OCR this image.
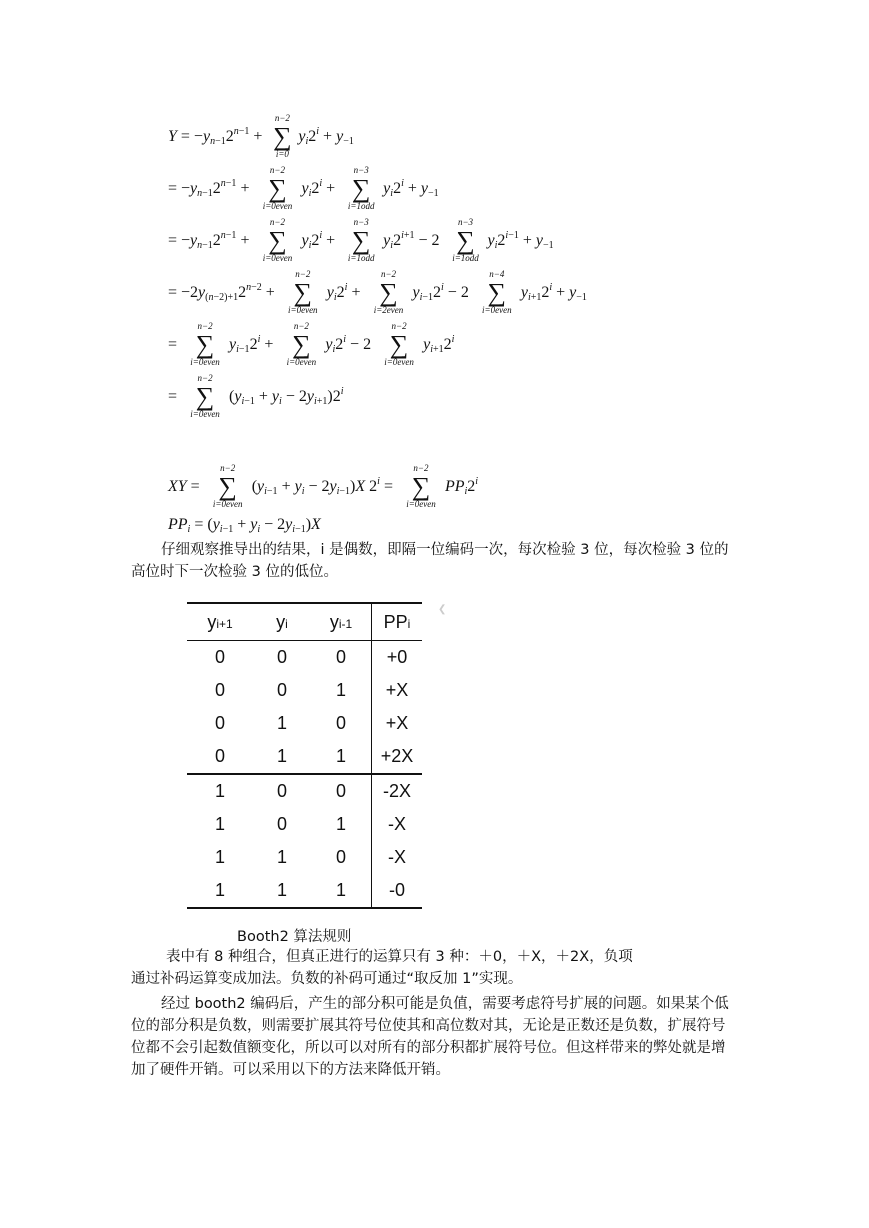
$Y = -y_{n-1}2^{n-1}$ +
n−2
∑
i=0
$y_i2^i + y_{-1}$
= $-y_{n-1}2^{n-1}$ +
n−2
∑
i=0even
$y_i2^i$ +
n−3
∑
i=1odd
$y_i2^i + y_{-1}$
= $-y_{n-1}2^{n-1}$ +
n−2
∑
i=0even
$y_i2^i$ +
n−3
∑
i=1odd
$y_i2^{i+1} - 2$
n−3
∑
i=1odd
$y_i2^{i-1} + y_{-1}$
= $-2y_{(n-2)+1}2^{n-2}$ +
n−2
∑
i=0even
$y_i2^i$ +
n−2
∑
i=2even
$y_{i-1}2^i - 2$
n−4
∑
i=0even
$y_{i+1}2^i + y_{-1}$
=
n−2
∑
i=0even
$y_{i-1}2^i$ +
n−2
∑
i=0even
$y_i2^i - 2$
n−2
∑
i=0even
$y_{i+1}2^i$
=
n−2
∑
i=0even
$(y_{i-1} + y_i - 2y_{i+1})2^i$
XY =
n−2
∑
i=0even
$(y_{i-1} + y_i - 2y_{i-1})X$ $2^i$ =
n−2
∑
i=0even
$PP_i2^i$
$PP_i = (y_{i-1} + y_i - 2y_{i-1})X$

仔细观察推导出的结果，i 是偶数，即隔一位编码一次，每次检验 3 位，每次检验 3 位的高位时下一次检验 3 位的低位。

❮
yi+1	yi	yi-1	PPi
0	0	0	+0
0	0	1	+X
0	1	0	+X
0	1	1	+2X
1	0	0	-2X
1	0	1	-X
1	1	0	-X
1	1	1	-0
Booth2 算法规则

表中有 8 种组合，但真正进行的运算只有 3 种：＋0，＋X，＋2X，负项

通过补码运算变成加法。负数的补码可通过“取反加 1”实现。

经过 booth2 编码后，产生的部分积可能是负值，需要考虑符号扩展的问题。如果某个低位的部分积是负数，则需要扩展其符号位使其和高位数对其，无论是正数还是负数，扩展符号位都不会引起数值额变化，所以可以对所有的部分积都扩展符号位。但这样带来的弊处就是增加了硬件开销。可以采用以下的方法来降低开销。
